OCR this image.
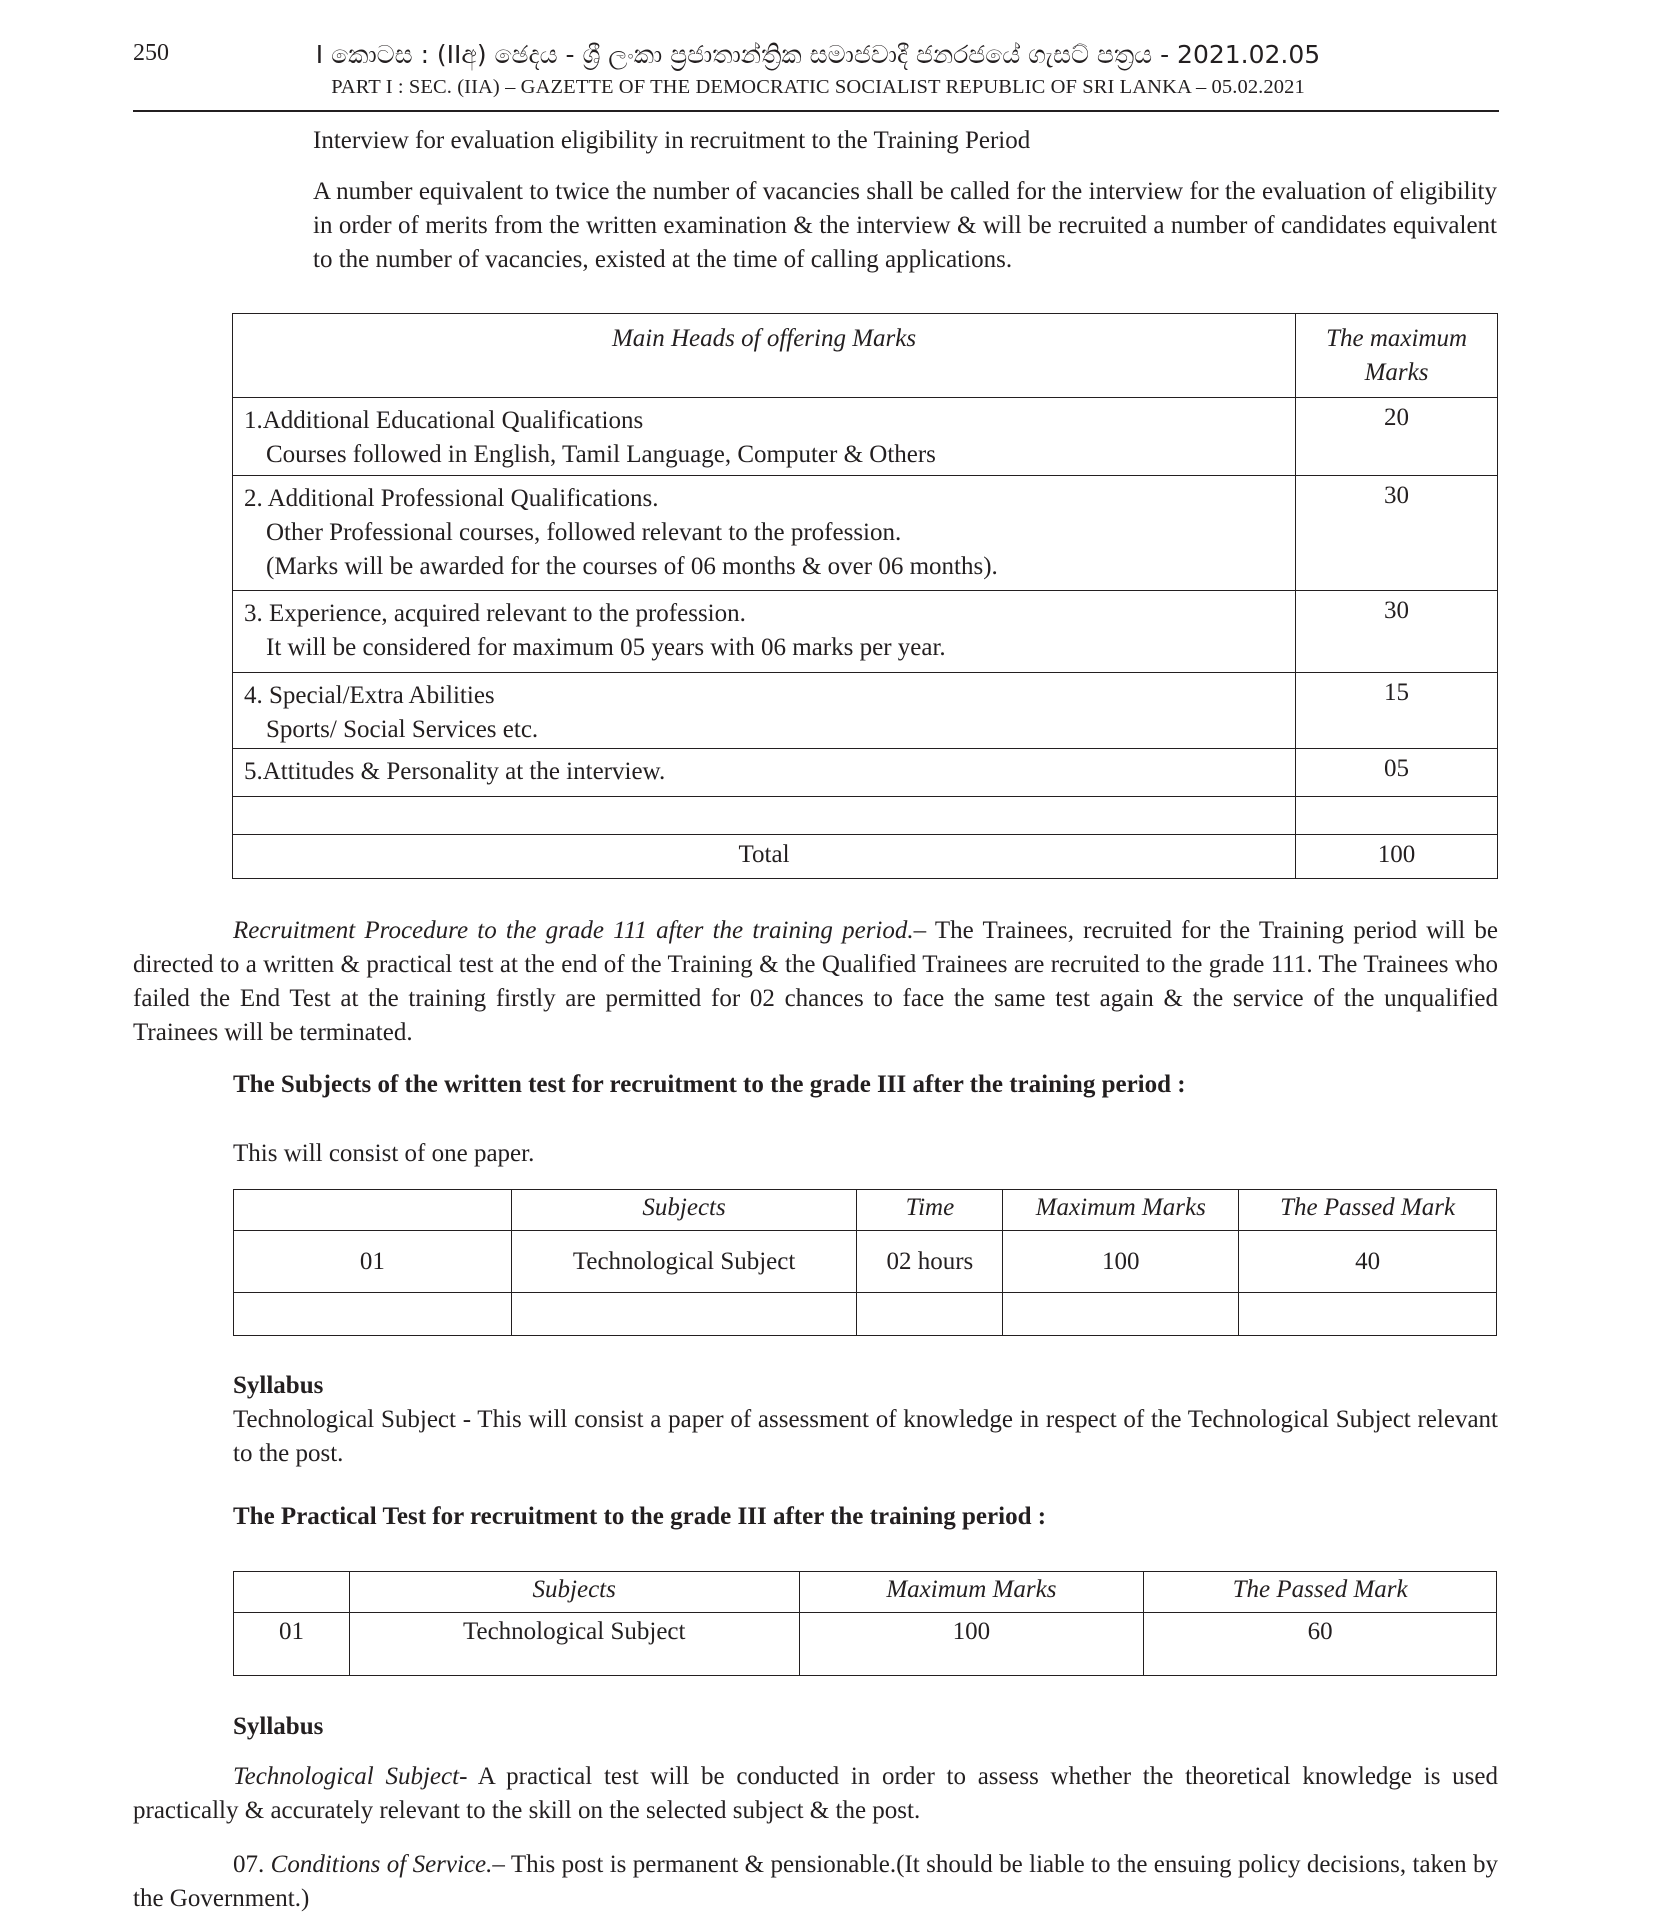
250	I කොටස : (IIඅ) ඡෙදය - ශ්‍රී ලංකා ප්‍රජාතාන්ත්‍රික සමාජවාදී ජනරජයේ ගැසට් පත්‍රය - 2021.02.05
PART I : SEC. (IIA) – GAZETTE OF THE DEMOCRATIC SOCIALIST REPUBLIC OF SRI LANKA – 05.02.2021
Interview for evaluation eligibility in recruitment to the Training Period
A number equivalent to twice the number of vacancies shall be called for the interview for the evaluation of eligibility in order of merits from the written examination & the interview & will be recruited a number of candidates equivalent to the number of vacancies, existed at the time of calling applications.
Main Heads of offering Marks	The maximum
Marks
1.Additional Educational Qualifications

Courses followed in English, Tamil Language, Computer & Others	20
2. Additional Professional Qualifications.

Other Professional courses, followed relevant to the profession.
(Marks will be awarded for the courses of 06 months & over 06 months).	30
3. Experience, acquired relevant to the profession.

It will be considered for maximum 05 years with 06 marks per year.	30
4. Special/Extra Abilities

Sports/ Social Services etc.	15
5.Attitudes & Personality at the interview.	05

Total	100
Recruitment Procedure to the grade 111 after the training period.– The Trainees, recruited for the Training period will be directed to a written & practical test at the end of the Training & the Qualified Trainees are recruited to the grade 111. The Trainees who failed the End Test at the training firstly are permitted for 02 chances to face the same test again & the service of the unqualified Trainees will be terminated.
The Subjects of the written test for recruitment to the grade III after the training period :
This will consist of one paper.
	Subjects	Time	Maximum Marks	The Passed Mark
01	Technological Subject	02 hours	100	40

Syllabus
Technological Subject - This will consist a paper of assessment of knowledge in respect of the Technological Subject relevant to the post.
The Practical Test for recruitment to the grade III after the training period :
	Subjects	Maximum Marks	The Passed Mark
01	Technological Subject	100	60
Syllabus
Technological Subject- A practical test will be conducted in order to assess whether the theoretical knowledge is used practically & accurately relevant to the skill on the selected subject & the post.
07. Conditions of Service.– This post is permanent & pensionable.(It should be liable to the ensuing policy decisions, taken by the Government.)
